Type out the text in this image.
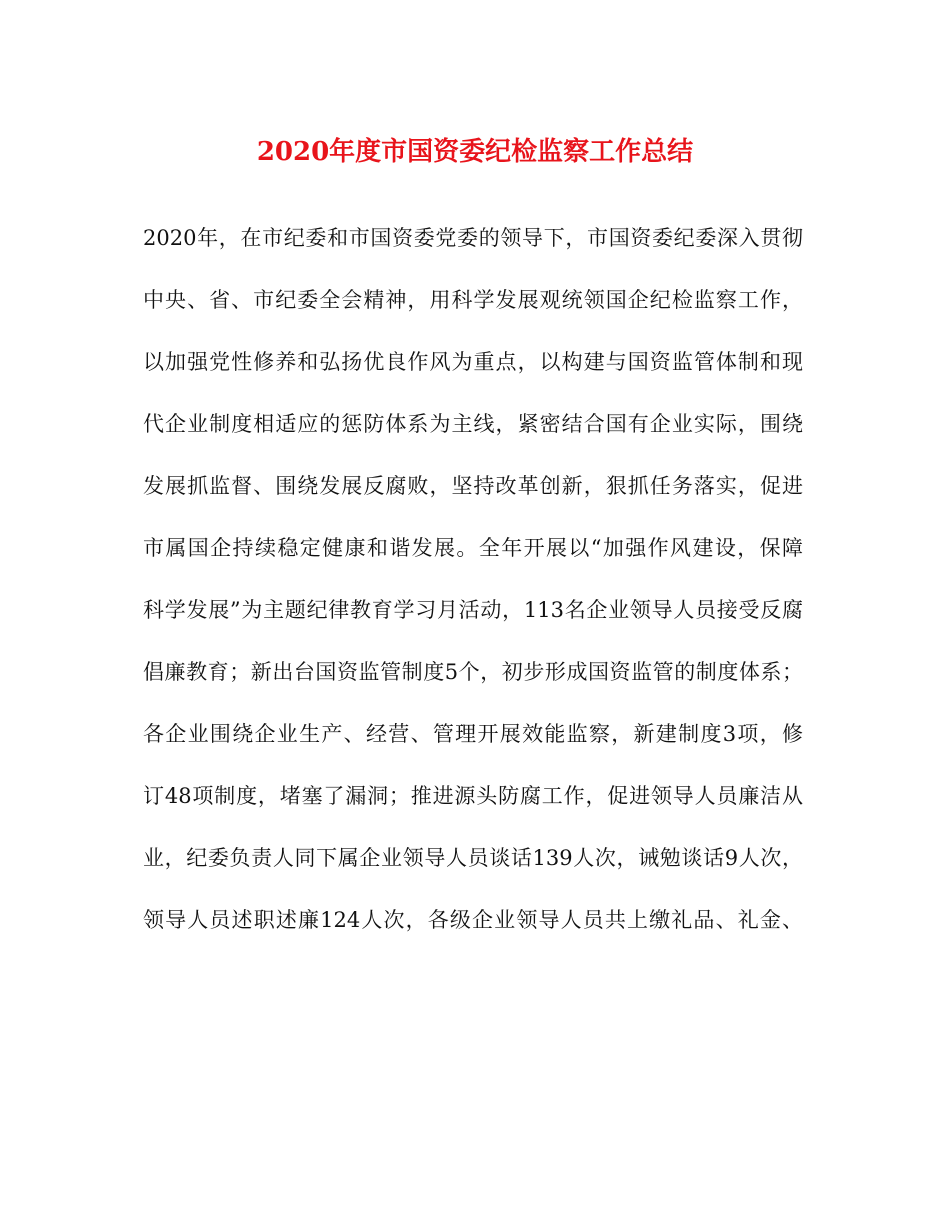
2020年度市国资委纪检监察工作总结
2020年，在市纪委和市国资委党委的领导下，市国资委纪委深入贯彻
中央、省、市纪委全会精神，用科学发展观统领国企纪检监察工作，
以加强党性修养和弘扬优良作风为重点，以构建与国资监管体制和现
代企业制度相适应的惩防体系为主线，紧密结合国有企业实际，围绕
发展抓监督、围绕发展反腐败，坚持改革创新，狠抓任务落实，促进
市属国企持续稳定健康和谐发展。全年开展以“加强作风建设，保障
科学发展”为主题纪律教育学习月活动，113名企业领导人员接受反腐
倡廉教育；新出台国资监管制度5个，初步形成国资监管的制度体系；
各企业围绕企业生产、经营、管理开展效能监察，新建制度3项，修
订48项制度，堵塞了漏洞；推进源头防腐工作，促进领导人员廉洁从
业，纪委负责人同下属企业领导人员谈话139人次，诫勉谈话9人次，
领导人员述职述廉124人次，各级企业领导人员共上缴礼品、礼金、
